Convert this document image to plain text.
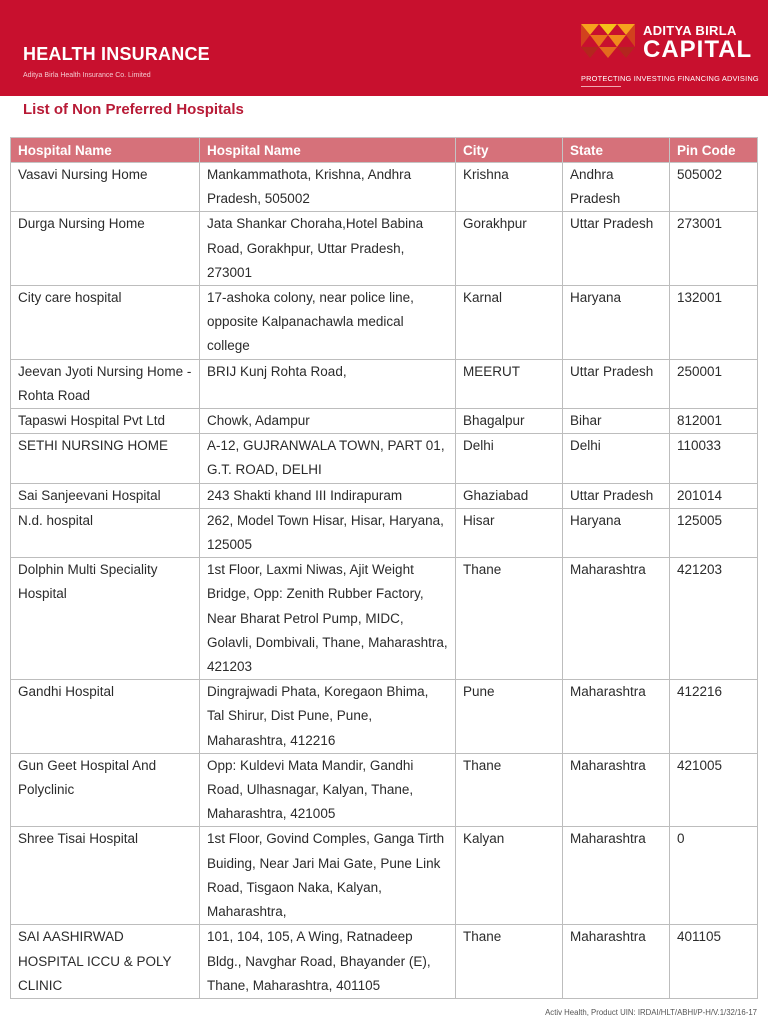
HEALTH INSURANCE
Aditya Birla Health Insurance Co. Limited
ADITYA BIRLA
CAPITAL
PROTECTING INVESTING FINANCING ADVISING
List of Non Preferred Hospitals
Hospital Name	Hospital Name	City	State	Pin Code
Vasavi Nursing Home	Mankammathota, Krishna, Andhra Pradesh, 505002	Krishna	Andhra Pradesh	505002
Durga Nursing Home	Jata Shankar Choraha,Hotel Babina Road, Gorakhpur, Uttar Pradesh, 273001	Gorakhpur	Uttar Pradesh	273001
City care hospital	17-ashoka colony, near police line, opposite Kalpanachawla medical college	Karnal	Haryana	132001
Jeevan Jyoti Nursing Home - Rohta Road	BRIJ Kunj Rohta Road,	MEERUT	Uttar Pradesh	250001
Tapaswi Hospital Pvt Ltd	Chowk, Adampur	Bhagalpur	Bihar	812001
SETHI NURSING HOME	A-12, GUJRANWALA TOWN, PART 01, G.T. ROAD, DELHI	Delhi	Delhi	110033
Sai Sanjeevani Hospital	243 Shakti khand III Indirapuram	Ghaziabad	Uttar Pradesh	201014
N.d. hospital	262, Model Town Hisar, Hisar, Haryana, 125005	Hisar	Haryana	125005
Dolphin Multi Speciality Hospital	1st Floor, Laxmi Niwas, Ajit Weight Bridge, Opp: Zenith Rubber Factory, Near Bharat Petrol Pump, MIDC, Golavli, Dombivali, Thane, Maharashtra, 421203	Thane	Maharashtra	421203
Gandhi Hospital	Dingrajwadi Phata, Koregaon Bhima, Tal Shirur, Dist Pune, Pune, Maharashtra, 412216	Pune	Maharashtra	412216
Gun Geet Hospital And Polyclinic	Opp: Kuldevi Mata Mandir, Gandhi Road, Ulhasnagar, Kalyan, Thane, Maharashtra, 421005	Thane	Maharashtra	421005
Shree Tisai Hospital	1st Floor, Govind Comples, Ganga Tirth Buiding, Near Jari Mai Gate, Pune Link Road, Tisgaon Naka, Kalyan, Maharashtra,	Kalyan	Maharashtra	0
SAI AASHIRWAD HOSPITAL ICCU & POLY CLINIC	101, 104, 105, A Wing, Ratnadeep Bldg., Navghar Road, Bhayander (E), Thane, Maharashtra, 401105	Thane	Maharashtra	401105
Activ Health, Product UIN: IRDAI/HLT/ABHI/P-H/V.1/32/16-17
